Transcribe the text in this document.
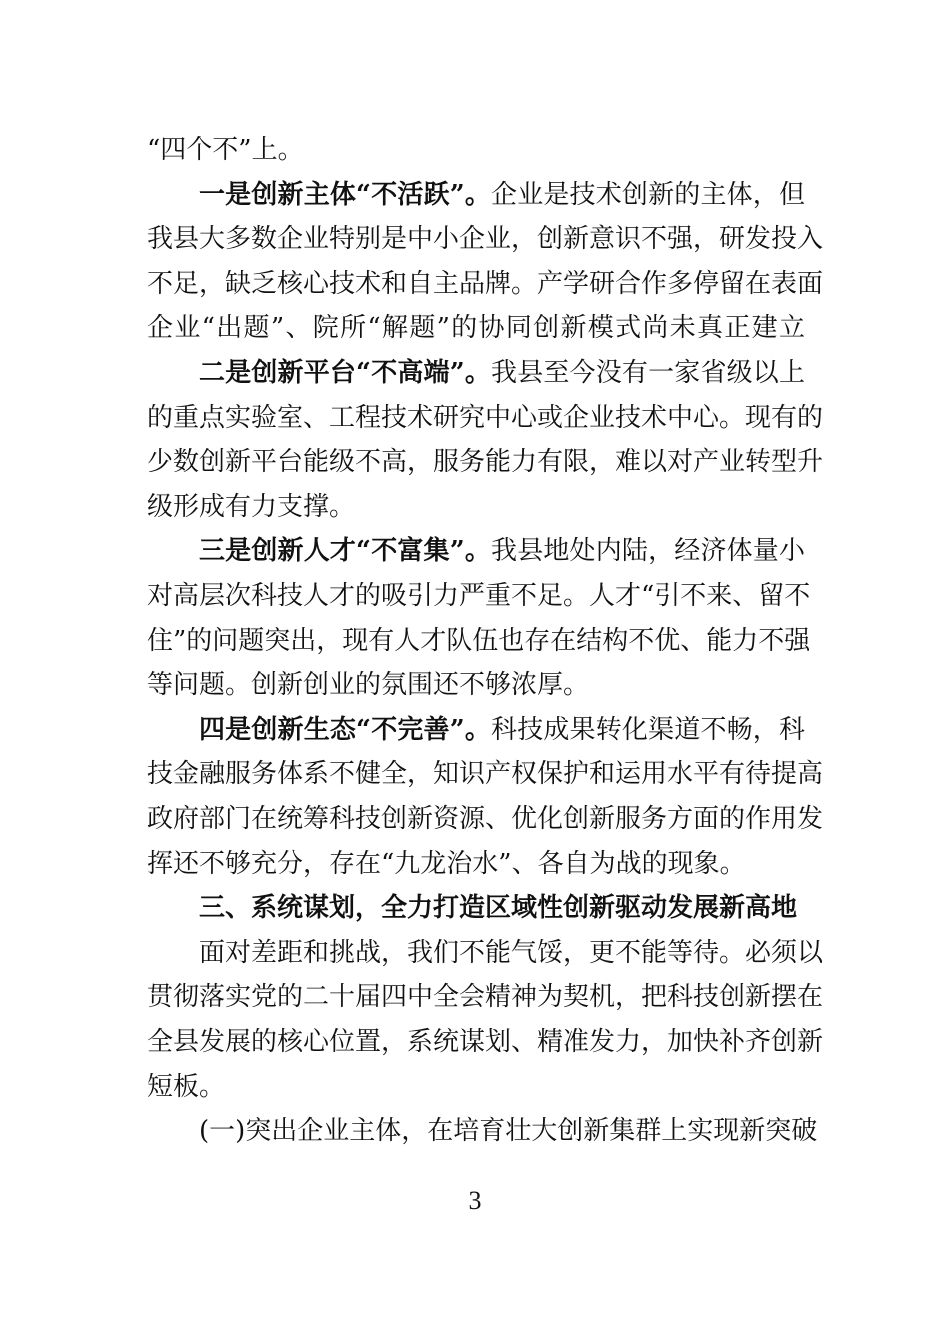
“四个不”上。
一是创新主体“不活跃”。企业是技术创新的主体，但
我县大多数企业特别是中小企业，创新意识不强，研发投入
不足，缺乏核心技术和自主品牌。产学研合作多停留在表面
企业“出题”、院所“解题”的协同创新模式尚未真正建立
二是创新平台“不高端”。我县至今没有一家省级以上
的重点实验室、工程技术研究中心或企业技术中心。现有的
少数创新平台能级不高，服务能力有限，难以对产业转型升
级形成有力支撑。
三是创新人才“不富集”。我县地处内陆，经济体量小
对高层次科技人才的吸引力严重不足。人才“引不来、留不
住”的问题突出，现有人才队伍也存在结构不优、能力不强
等问题。创新创业的氛围还不够浓厚。
四是创新生态“不完善”。科技成果转化渠道不畅，科
技金融服务体系不健全，知识产权保护和运用水平有待提高
政府部门在统筹科技创新资源、优化创新服务方面的作用发
挥还不够充分，存在“九龙治水”、各自为战的现象。
三、系统谋划，全力打造区域性创新驱动发展新高地
面对差距和挑战，我们不能气馁，更不能等待。必须以
贯彻落实党的二十届四中全会精神为契机，把科技创新摆在
全县发展的核心位置，系统谋划、精准发力，加快补齐创新
短板。
(一)突出企业主体，在培育壮大创新集群上实现新突破
3
